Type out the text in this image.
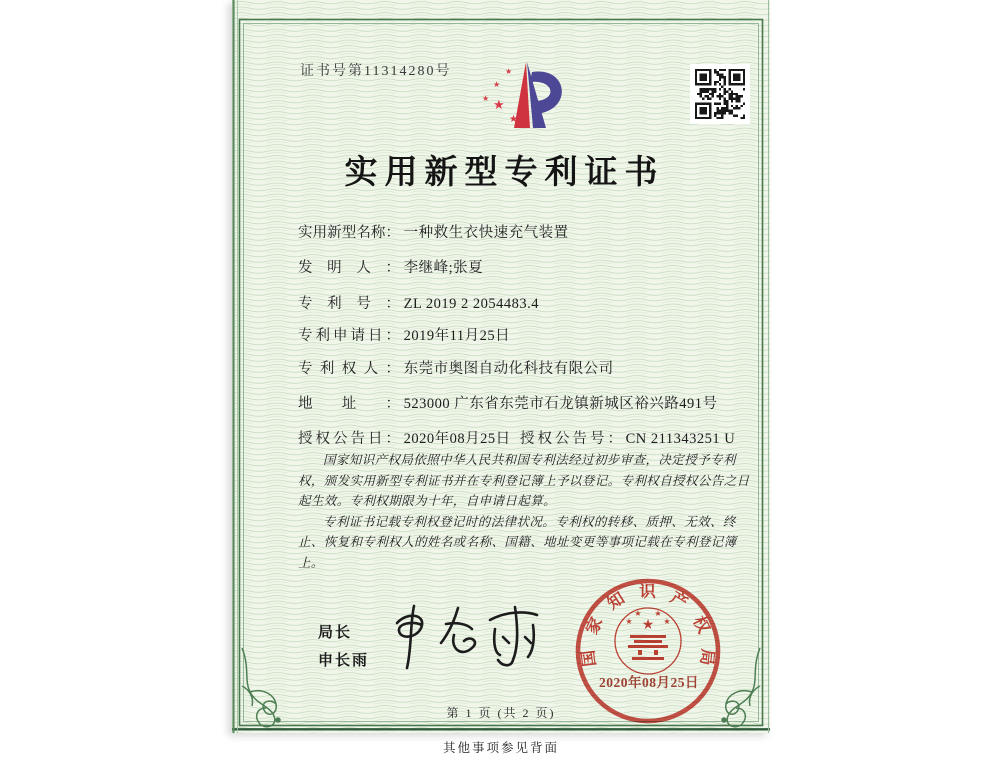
证书号第11314280号	★
★
★ ★
★
实用新型专利证书
实用新型名称： 一种救生衣快速充气装置
发明人： 李继峰;张夏
专利号： ZL 2019 2 2054483.4
专利申请日： 2019年11月25日
专利权人： 东莞市奥图自动化科技有限公司
地址： 523000 广东省东莞市石龙镇新城区裕兴路491号
授权公告日： 2020年08月25日 授权公告号： CN 211343251 U

国家知识产权局依照中华人民共和国专利法经过初步审查，决定授予专利权，颁发实用新型专利证书并在专利登记簿上予以登记。专利权自授权公告之日起生效。专利权期限为十年，自申请日起算。

专利证书记载专利权登记时的法律状况。专利权的转移、质押、无效、终止、恢复和专利权人的姓名或名称、国籍、地址变更等事项记载在专利登记簿上。

局长
申长雨	国家知识产权局
★
★
★ ★
★
2020年08月25日
第 1 页 (共 2 页)
其他事项参见背面
